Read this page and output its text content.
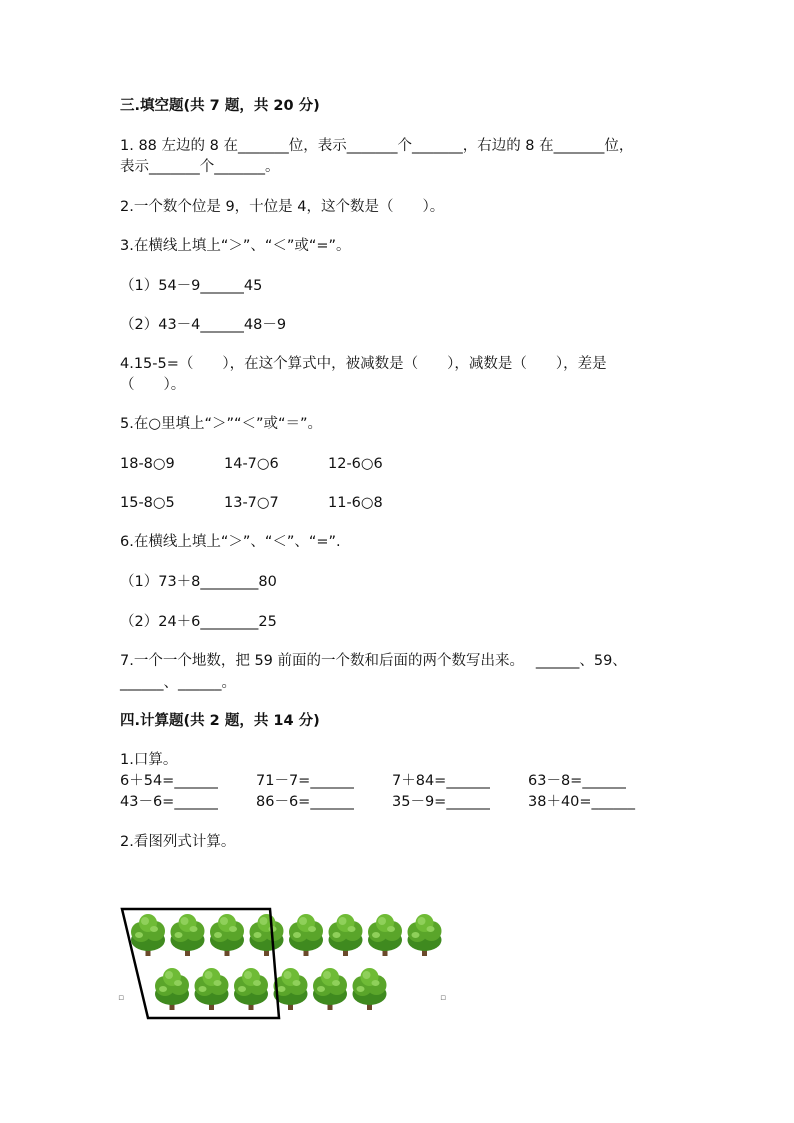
三.填空题(共 7 题，共 20 分)
1. 88 左边的 8 在_______位，表示_______个_______，右边的 8 在_______位，
表示_______个_______。
2.一个数个位是 9，十位是 4，这个数是（　　）。
3.在横线上填上“＞”、“＜”或“=”。
（1）54－9______45
（2）43－4______48－9
4.15-5=（　　），在这个算式中，被减数是（　　），减数是（　　），差是
（　　）。
5.在○里填上“＞”“＜”或“＝”。
18-8○9	14-7○6	12-6○6
15-8○5	13-7○7	11-6○8
6.在横线上填上“＞”、“＜”、“=”.
（1）73＋8________80
（2）24＋6________25
7.一个一个地数，把 59 前面的一个数和后面的两个数写出来。　 ______、59、
______、______。
四.计算题(共 2 题，共 14 分)
1.口算。
6＋54=______	71－7=______	7＋84=______	63－8=______
43－6=______	86－6=______	35－9=______	38＋40=______
2.看图列式计算。
▫	▫
